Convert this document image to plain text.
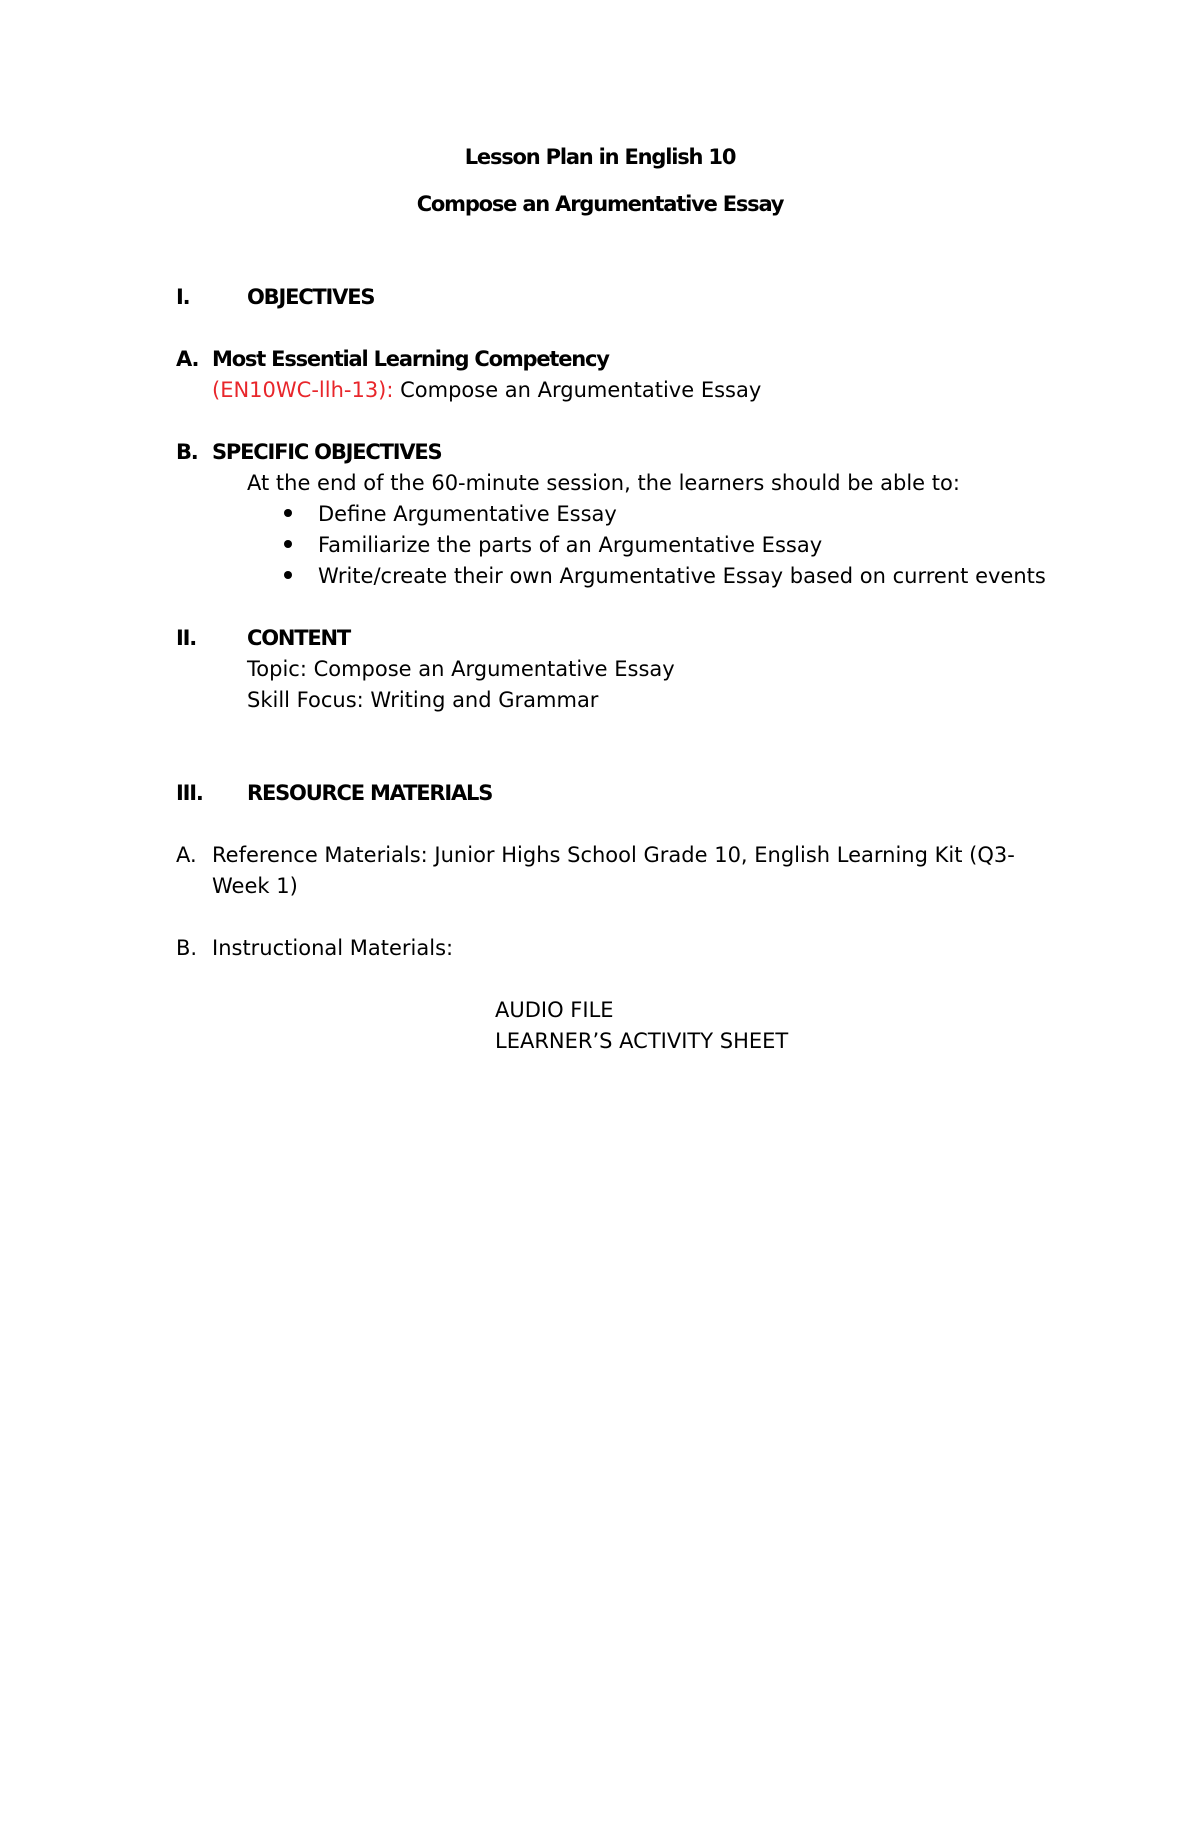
Lesson Plan in English 10
Compose an Argumentative Essay
I.	OBJECTIVES
A. Most Essential Learning Competency
(EN10WC-llh-13): Compose an Argumentative Essay
B. SPECIFIC OBJECTIVES
At the end of the 60-minute session, the learners should be able to:
Define Argumentative Essay
Familiarize the parts of an Argumentative Essay
Write/create their own Argumentative Essay based on current events
II. CONTENT
Topic: Compose an Argumentative Essay
Skill Focus: Writing and Grammar
III. RESOURCE MATERIALS
A. Reference Materials: Junior Highs School Grade 10, English Learning Kit (Q3-
Week 1)
B. Instructional Materials:
AUDIO FILE
LEARNER’S ACTIVITY SHEET
